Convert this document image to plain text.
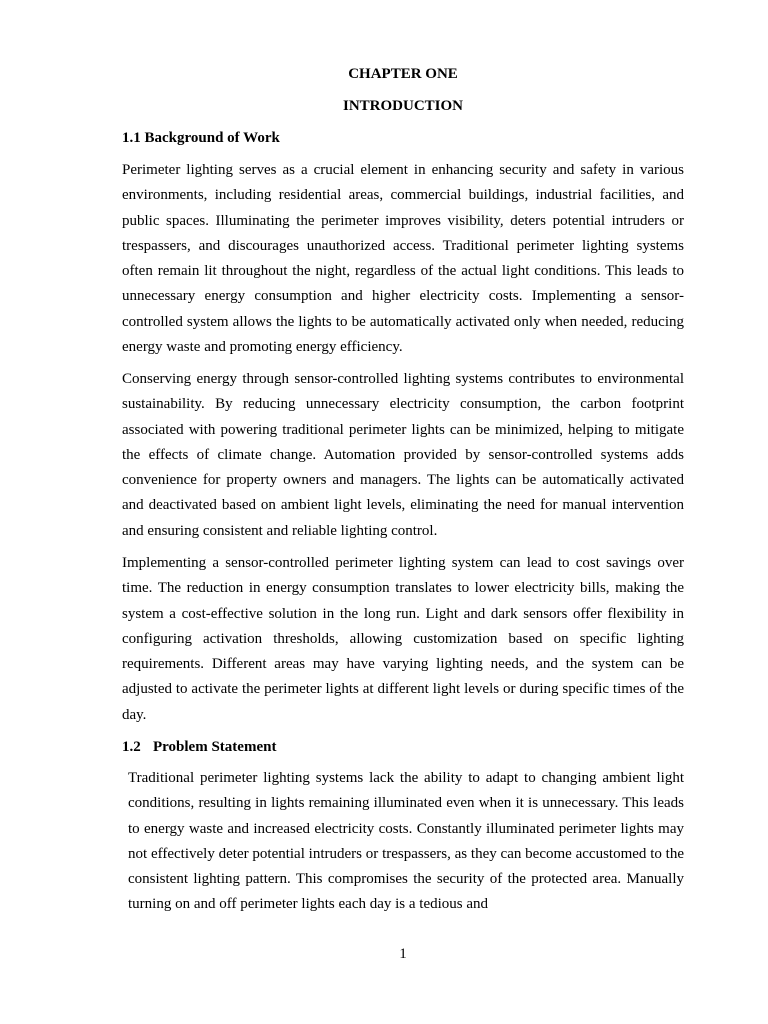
CHAPTER ONE
INTRODUCTION
1.1 Background of Work

Perimeter lighting serves as a crucial element in enhancing security and safety in various environments, including residential areas, commercial buildings, industrial facilities, and public spaces. Illuminating the perimeter improves visibility, deters potential intruders or trespassers, and discourages unauthorized access. Traditional perimeter lighting systems often remain lit throughout the night, regardless of the actual light conditions. This leads to unnecessary energy consumption and higher electricity costs. Implementing a sensor-controlled system allows the lights to be automatically activated only when needed, reducing energy waste and promoting energy efficiency.

Conserving energy through sensor-controlled lighting systems contributes to environmental sustainability. By reducing unnecessary electricity consumption, the carbon footprint associated with powering traditional perimeter lights can be minimized, helping to mitigate the effects of climate change. Automation provided by sensor-controlled systems adds convenience for property owners and managers. The lights can be automatically activated and deactivated based on ambient light levels, eliminating the need for manual intervention and ensuring consistent and reliable lighting control.

Implementing a sensor-controlled perimeter lighting system can lead to cost savings over time. The reduction in energy consumption translates to lower electricity bills, making the system a cost-effective solution in the long run. Light and dark sensors offer flexibility in configuring activation thresholds, allowing customization based on specific lighting requirements. Different areas may have varying lighting needs, and the system can be adjusted to activate the perimeter lights at different light levels or during specific times of the day.

1.2 Problem Statement

Traditional perimeter lighting systems lack the ability to adapt to changing ambient light conditions, resulting in lights remaining illuminated even when it is unnecessary. This leads to energy waste and increased electricity costs. Constantly illuminated perimeter lights may not effectively deter potential intruders or trespassers, as they can become accustomed to the consistent lighting pattern. This compromises the security of the protected area. Manually turning on and off perimeter lights each day is a tedious and

1
